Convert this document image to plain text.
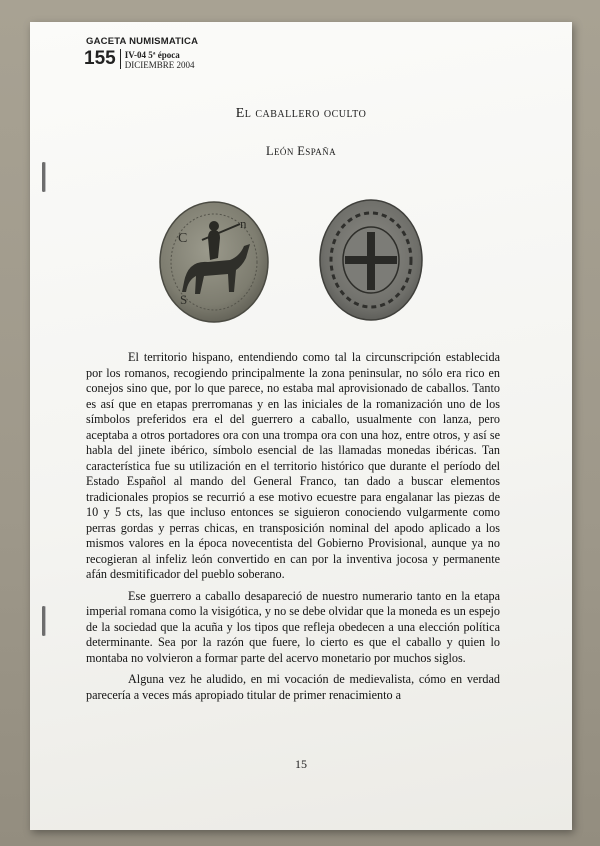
GACETA NUMISMATICA
155	IV-04 5ª época
DICIEMBRE 2004
El caballero oculto
León España
C
n
S

El territorio hispano, entendiendo como tal la circunscripción establecida por los romanos, recogiendo principalmente la zona peninsular, no sólo era rico en conejos sino que, por lo que parece, no estaba mal aprovisionado de caballos. Tanto es así que en etapas prerromanas y en las iniciales de la romanización uno de los símbolos preferidos era el del guerrero a caballo, usualmente con lanza, pero aceptaba a otros portadores ora con una trompa ora con una hoz, entre otros, y así se habla del jinete ibérico, símbolo esencial de las llamadas monedas ibéricas. Tan característica fue su utilización en el territorio histórico que durante el período del Estado Español al mando del General Franco, tan dado a buscar elementos tradicionales propios se recurrió a ese motivo ecuestre para engalanar las piezas de 10 y 5 cts, las que incluso entonces se siguieron conociendo vulgarmente como perras gordas y perras chicas, en transposición nominal del apodo aplicado a los mismos valores en la época novecentista del Gobierno Provisional, aunque ya no recogieran al infeliz león convertido en can por la inventiva jocosa y permanente afán desmitificador del pueblo soberano.

Ese guerrero a caballo desapareció de nuestro numerario tanto en la etapa imperial romana como la visigótica, y no se debe olvidar que la moneda es un espejo de la sociedad que la acuña y los tipos que refleja obedecen a una elección política determinante. Sea por la razón que fuere, lo cierto es que el caballo y quien lo montaba no volvieron a formar parte del acervo monetario por muchos siglos.

Alguna vez he aludido, en mi vocación de medievalista, cómo en verdad parecería a veces más apropiado titular de primer renacimiento a

15
